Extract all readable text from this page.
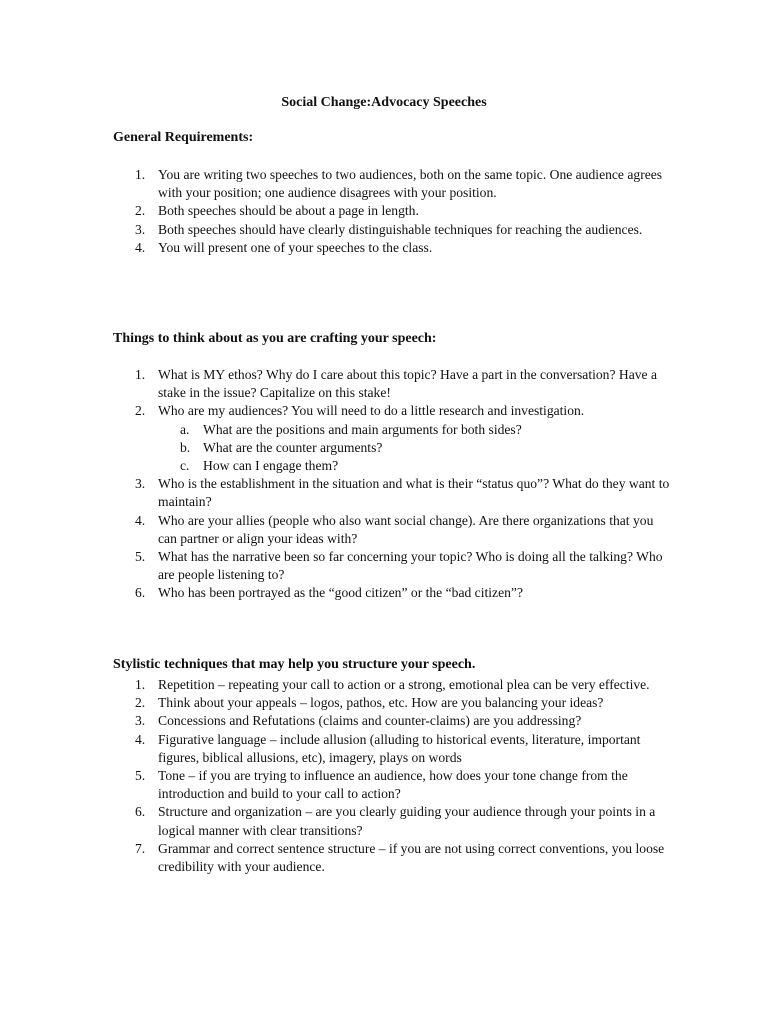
Social Change:Advocacy Speeches
General Requirements:
1. You are writing two speeches to two audiences, both on the same topic. One audience agrees with your position; one audience disagrees with your position.
2. Both speeches should be about a page in length.
3. Both speeches should have clearly distinguishable techniques for reaching the audiences.
4. You will present one of your speeches to the class.
Things to think about as you are crafting your speech:
1. What is MY ethos? Why do I care about this topic? Have a part in the conversation? Have a stake in the issue? Capitalize on this stake!
2. Who are my audiences? You will need to do a little research and investigation.
a. What are the positions and main arguments for both sides?
b. What are the counter arguments?
c. How can I engage them?
3. Who is the establishment in the situation and what is their “status quo”? What do they want to maintain?
4. Who are your allies (people who also want social change). Are there organizations that you can partner or align your ideas with?
5. What has the narrative been so far concerning your topic? Who is doing all the talking? Who are people listening to?
6. Who has been portrayed as the “good citizen” or the “bad citizen”?
Stylistic techniques that may help you structure your speech.
1. Repetition – repeating your call to action or a strong, emotional plea can be very effective.
2. Think about your appeals – logos, pathos, etc. How are you balancing your ideas?
3. Concessions and Refutations (claims and counter-claims) are you addressing?
4. Figurative language – include allusion (alluding to historical events, literature, important figures, biblical allusions, etc), imagery, plays on words
5. Tone – if you are trying to influence an audience, how does your tone change from the introduction and build to your call to action?
6. Structure and organization – are you clearly guiding your audience through your points in a logical manner with clear transitions?
7. Grammar and correct sentence structure – if you are not using correct conventions, you loose credibility with your audience.
